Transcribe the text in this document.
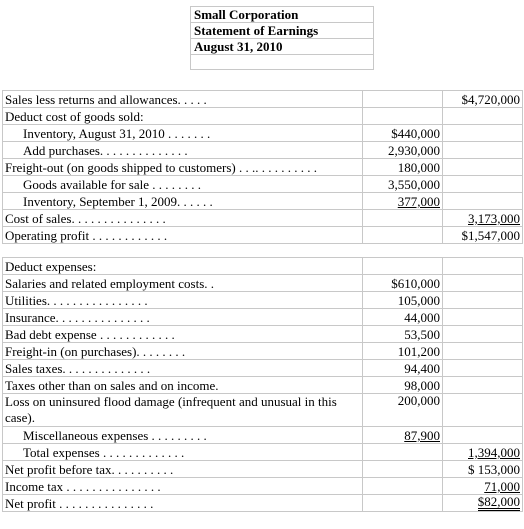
Small Corporation
Statement of Earnings
August 31, 2010

Sales less returns and allowances. . . . .		$4,720,000
Deduct cost of goods sold:		
Inventory, August 31, 2010 . . . . . . .	$440,000	
Add purchases. . . . . . . . . . . . . .	2,930,000	
Freight-out (on goods shipped to customers) . . .. . . . . . . . . .	180,000	
Goods available for sale . . . . . . . .	3,550,000	
Inventory, September 1, 2009. . . . . .	377,000	
Cost of sales. . . . . . . . . . . . . . .		3,173,000
Operating profit . . . . . . . . . . . .		$1,547,000
Deduct expenses:		
Salaries and related employment costs. .	$610,000	
Utilities. . . . . . . . . . . . . . . .	105,000	
Insurance. . . . . . . . . . . . . . .	44,000	
Bad debt expense . . . . . . . . . . . .	53,500	
Freight-in (on purchases). . . . . . . .	101,200	
Sales taxes. . . . . . . . . . . . . .	94,400	
Taxes other than on sales and on income.	98,000	
Loss on uninsured flood damage (infrequent and unusual in this case).	200,000	
Miscellaneous expenses . . . . . . . . .	87,900	
Total expenses . . . . . . . . . . . . .		1,394,000
Net profit before tax. . . . . . . . . .		$ 153,000
Income tax . . . . . . . . . . . . . . .		71,000
Net profit . . . . . . . . . . . . . . .		$82,000
